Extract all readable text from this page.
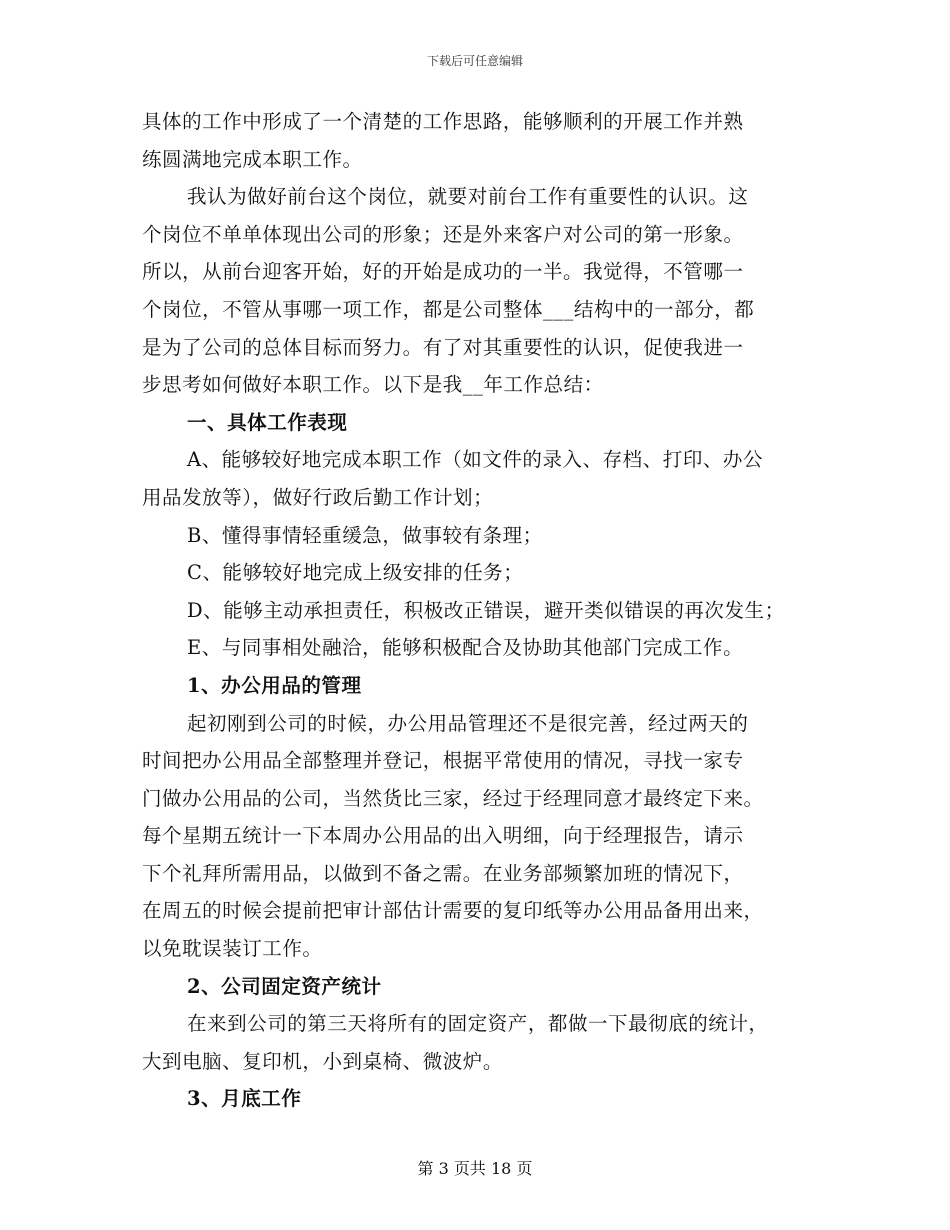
下载后可任意编辑

具体的工作中形成了一个清楚的工作思路，能够顺利的开展工作并熟

练圆满地完成本职工作。

我认为做好前台这个岗位，就要对前台工作有重要性的认识。这

个岗位不单单体现出公司的形象；还是外来客户对公司的第一形象。

所以，从前台迎客开始，好的开始是成功的一半。我觉得，不管哪一

个岗位，不管从事哪一项工作，都是公司整体___结构中的一部分，都

是为了公司的总体目标而努力。有了对其重要性的认识，促使我进一

步思考如何做好本职工作。以下是我__年工作总结：

一、具体工作表现

A、能够较好地完成本职工作（如文件的录入、存档、打印、办公

用品发放等），做好行政后勤工作计划；

B、懂得事情轻重缓急，做事较有条理；

C、能够较好地完成上级安排的任务；

D、能够主动承担责任，积极改正错误，避开类似错误的再次发生；

E、与同事相处融洽，能够积极配合及协助其他部门完成工作。

1、办公用品的管理

起初刚到公司的时候，办公用品管理还不是很完善，经过两天的

时间把办公用品全部整理并登记，根据平常使用的情况，寻找一家专

门做办公用品的公司，当然货比三家，经过于经理同意才最终定下来。

每个星期五统计一下本周办公用品的出入明细，向于经理报告，请示

下个礼拜所需用品，以做到不备之需。在业务部频繁加班的情况下，

在周五的时候会提前把审计部估计需要的复印纸等办公用品备用出来，

以免耽误装订工作。

2、公司固定资产统计

在来到公司的第三天将所有的固定资产，都做一下最彻底的统计，

大到电脑、复印机，小到桌椅、微波炉。

3、月底工作

第 3 页共 18 页
